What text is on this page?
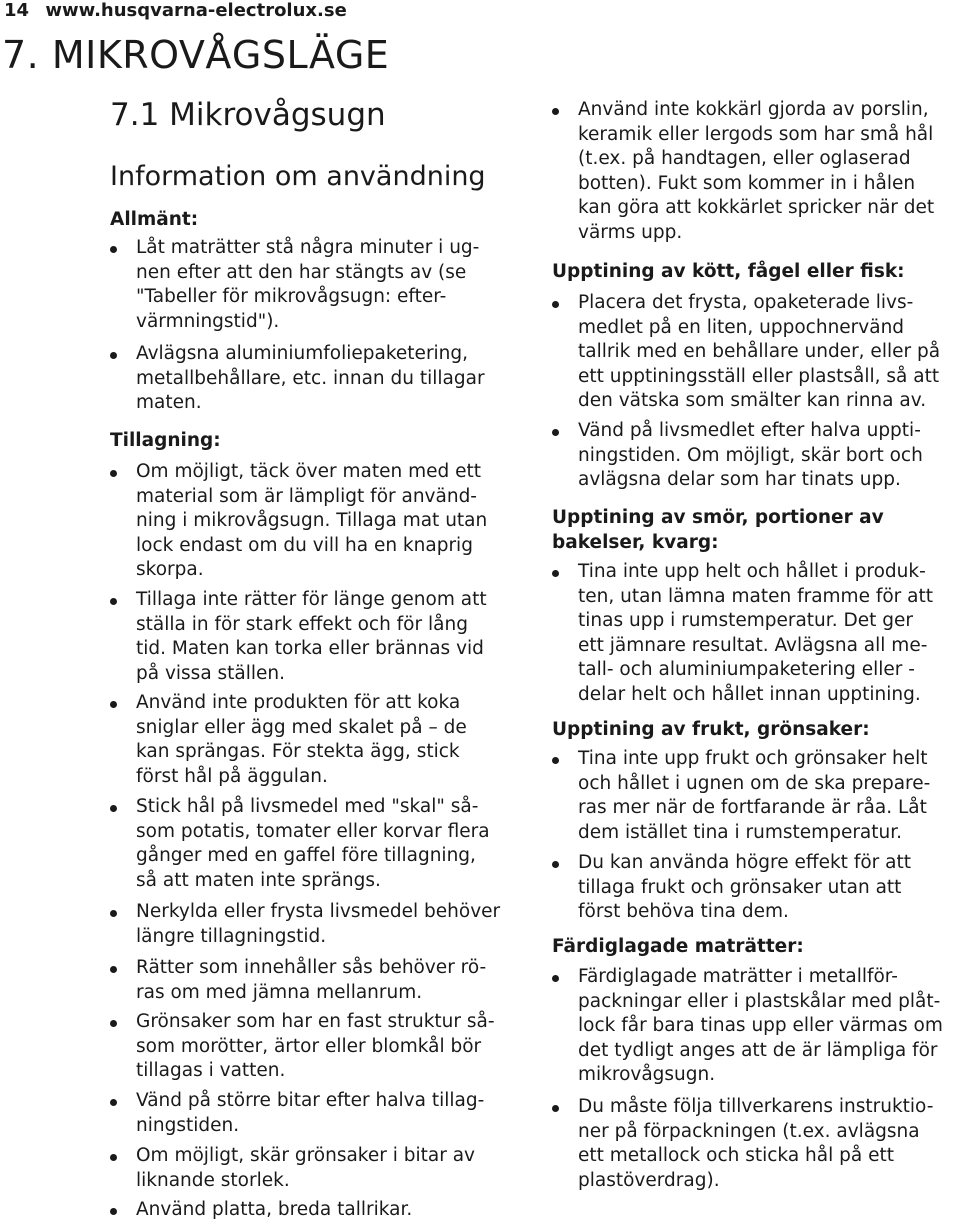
14 www.husqvarna-electrolux.se
7. MIKROVÅGSLÄGE
7.1 Mikrovågsugn
Information om användning
Allmänt:
Låt maträtter stå några minuter i ug-
nen efter att den har stängts av (se
"Tabeller för mikrovågsugn: efter-
värmningstid").
Avlägsna aluminiumfoliepaketering,
metallbehållare, etc. innan du tillagar
maten.
Tillagning:
Om möjligt, täck över maten med ett
material som är lämpligt för använd-
ning i mikrovågsugn. Tillaga mat utan
lock endast om du vill ha en knaprig
skorpa.
Tillaga inte rätter för länge genom att
ställa in för stark effekt och för lång
tid. Maten kan torka eller brännas vid
på vissa ställen.
Använd inte produkten för att koka
sniglar eller ägg med skalet på – de
kan sprängas. För stekta ägg, stick
först hål på äggulan.
Stick hål på livsmedel med "skal" så-
som potatis, tomater eller korvar flera
gånger med en gaffel före tillagning,
så att maten inte sprängs.
Nerkylda eller frysta livsmedel behöver
längre tillagningstid.
Rätter som innehåller sås behöver rö-
ras om med jämna mellanrum.
Grönsaker som har en fast struktur så-
som morötter, ärtor eller blomkål bör
tillagas i vatten.
Vänd på större bitar efter halva tillag-
ningstiden.
Om möjligt, skär grönsaker i bitar av
liknande storlek.
Använd platta, breda tallrikar.
Använd inte kokkärl gjorda av porslin,
keramik eller lergods som har små hål
(t.ex. på handtagen, eller oglaserad
botten). Fukt som kommer in i hålen
kan göra att kokkärlet spricker när det
värms upp.
Upptining av kött, fågel eller fisk:
Placera det frysta, opaketerade livs-
medlet på en liten, uppochnervänd
tallrik med en behållare under, eller på
ett upptiningsställ eller plastsåll, så att
den vätska som smälter kan rinna av.
Vänd på livsmedlet efter halva uppti-
ningstiden. Om möjligt, skär bort och
avlägsna delar som har tinats upp.
Upptining av smör, portioner av
bakelser, kvarg:
Tina inte upp helt och hållet i produk-
ten, utan lämna maten framme för att
tinas upp i rumstemperatur. Det ger
ett jämnare resultat. Avlägsna all me-
tall- och aluminiumpaketering eller -
delar helt och hållet innan upptining.
Upptining av frukt, grönsaker:
Tina inte upp frukt och grönsaker helt
och hållet i ugnen om de ska prepare-
ras mer när de fortfarande är råa. Låt
dem istället tina i rumstemperatur.
Du kan använda högre effekt för att
tillaga frukt och grönsaker utan att
först behöva tina dem.
Färdiglagade maträtter:
Färdiglagade maträtter i metallför-
packningar eller i plastskålar med plåt-
lock får bara tinas upp eller värmas om
det tydligt anges att de är lämpliga för
mikrovågsugn.
Du måste följa tillverkarens instruktio-
ner på förpackningen (t.ex. avlägsna
ett metallock och sticka hål på ett
plastöverdrag).
